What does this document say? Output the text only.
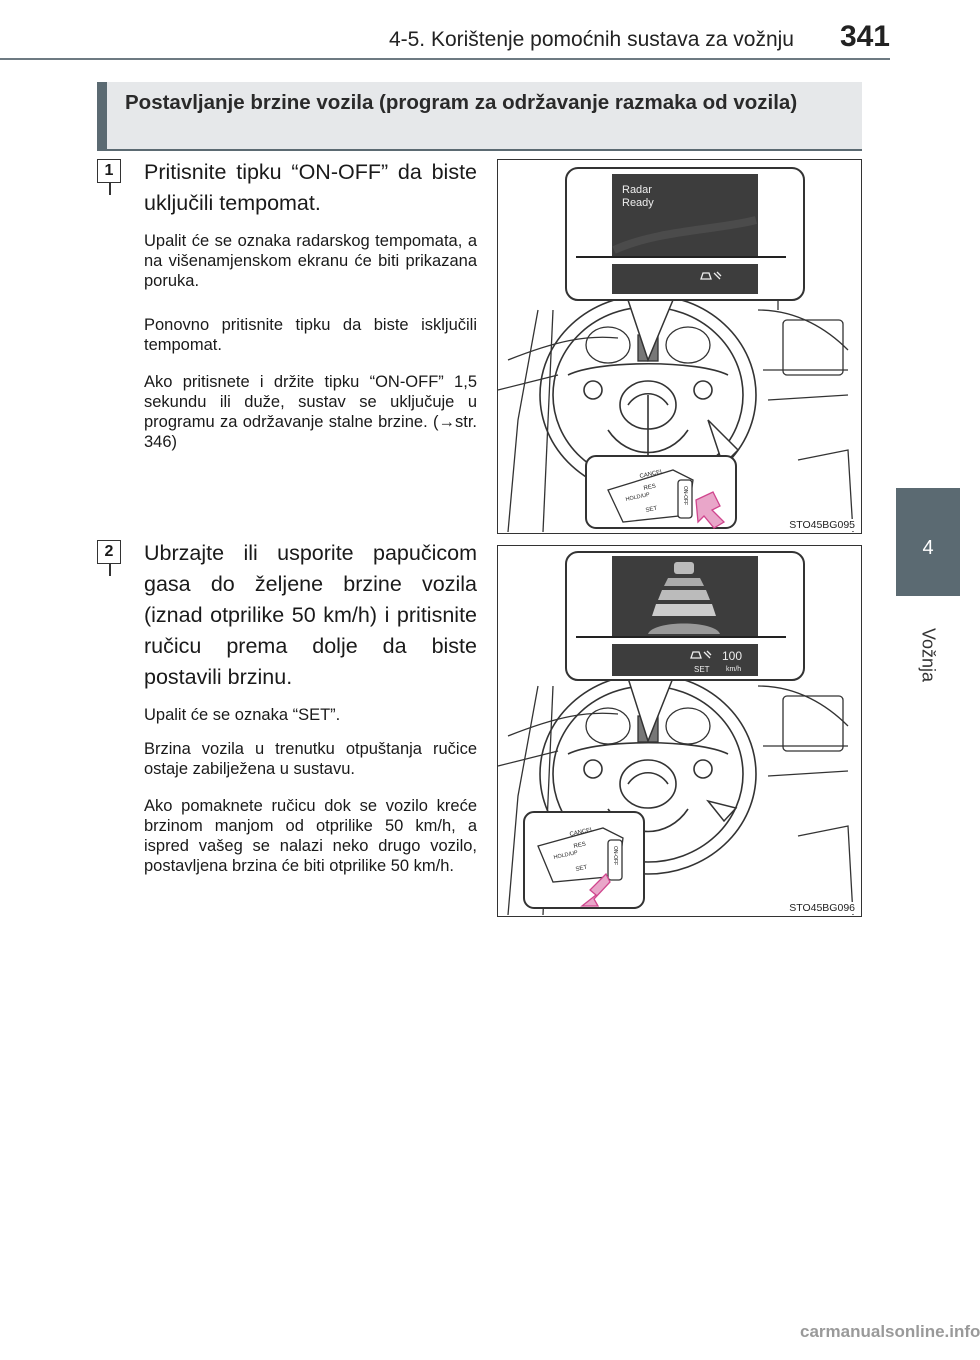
4-5. Korištenje pomoćnih sustava za vožnju 341
4
Vožnja

Postavljanje brzine vozila (program za održavanje razmaka od vozila)

1	Pritisnite tipku “ON-OFF” da biste uključili tempomat.

Upalit će se oznaka radarskog tempomata, a na višenamjenskom ekranu će biti prikazana poruka.

Ponovno pritisnite tipku da biste isključili tempomat.

Ako pritisnete i držite tipku “ON-OFF” 1,5 sekundu ili duže, sustav se uključuje u programu za održavanje stalne brzine. (→str. 346)

Radar
Ready
CANCEL
RES
HOLD/UP
SET
ON-OFF
STO45BG095
2	Ubrzajte ili usporite papučicom gasa do željene brzine vozila (iznad otprilike 50 km/h) i pritisnite ručicu prema dolje da biste postavili brzinu.

Upalit će se oznaka “SET”.

Brzina vozila u trenutku otpuštanja ručice ostaje zabilježena u sustavu.

Ako pomaknete ručicu dok se vozilo kreće brzinom manjom od otprilike 50 km/h, a ispred vašeg se nalazi neko drugo vozilo, postavljena brzina će biti otprilike 50 km/h.

SET
100
km/h
CANCEL
RES
HOLD/UP
SET
ON-OFF
STO45BG096
carmanualsonline.info
